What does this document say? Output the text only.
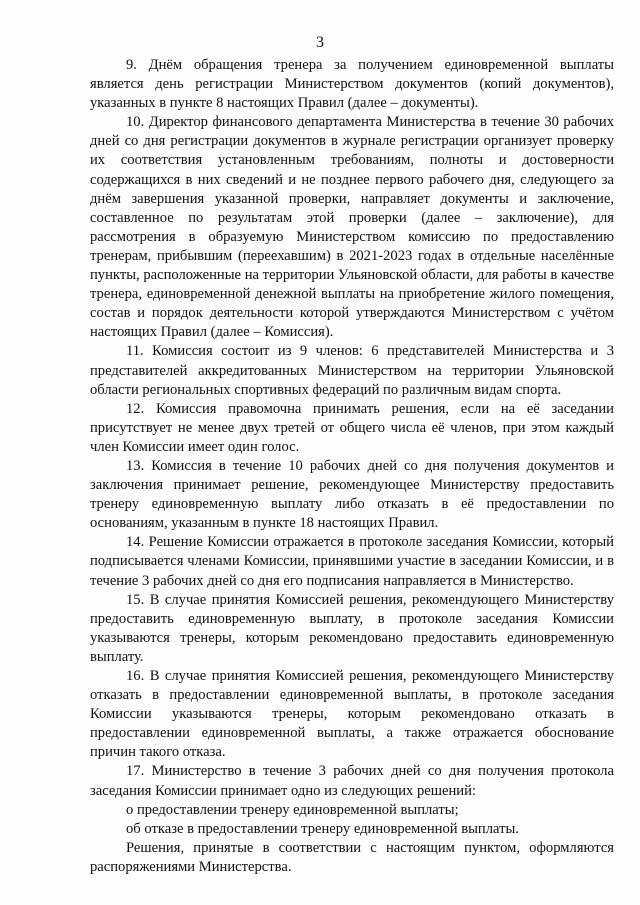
3

9. Днём обращения тренера за получением единовременной выплаты является день регистрации Министерством документов (копий документов), указанных в пункте 8 настоящих Правил (далее – документы).

10. Директор финансового департамента Министерства в течение 30 рабочих дней со дня регистрации документов в журнале регистрации организует проверку их соответствия установленным требованиям, полноты и достоверности содержащихся в них сведений и не позднее первого рабочего дня, следующего за днём завершения указанной проверки, направляет документы и заключение, составленное по результатам этой проверки (далее – заключение), для рассмотрения в образуемую Министерством комиссию по предоставлению тренерам, прибывшим (переехавшим) в 2021-2023 годах в отдельные населённые пункты, расположенные на территории Ульяновской области, для работы в качестве тренера, единовременной денежной выплаты на приобретение жилого помещения, состав и порядок деятельности которой утверждаются Министерством с учётом настоящих Правил (далее – Комиссия).

11. Комиссия состоит из 9 членов: 6 представителей Министерства и 3 представителей аккредитованных Министерством на территории Ульяновской области региональных спортивных федераций по различным видам спорта.

12. Комиссия правомочна принимать решения, если на её заседании присутствует не менее двух третей от общего числа её членов, при этом каждый член Комиссии имеет один голос.

13. Комиссия в течение 10 рабочих дней со дня получения документов и заключения принимает решение, рекомендующее Министерству предоставить тренеру единовременную выплату либо отказать в её предоставлении по основаниям, указанным в пункте 18 настоящих Правил.

14. Решение Комиссии отражается в протоколе заседания Комиссии, который подписывается членами Комиссии, принявшими участие в заседании Комиссии, и в течение 3 рабочих дней со дня его подписания направляется в Министерство.

15. В случае принятия Комиссией решения, рекомендующего Министерству предоставить единовременную выплату, в протоколе заседания Комиссии указываются тренеры, которым рекомендовано предоставить единовременную выплату.

16. В случае принятия Комиссией решения, рекомендующего Министерству отказать в предоставлении единовременной выплаты, в протоколе заседания Комиссии указываются тренеры, которым рекомендовано отказать в предоставлении единовременной выплаты, а также отражается обоснование причин такого отказа.

17. Министерство в течение 3 рабочих дней со дня получения протокола заседания Комиссии принимает одно из следующих решений:

о предоставлении тренеру единовременной выплаты;

об отказе в предоставлении тренеру единовременной выплаты.

Решения, принятые в соответствии с настоящим пунктом, оформляются распоряжениями Министерства.
